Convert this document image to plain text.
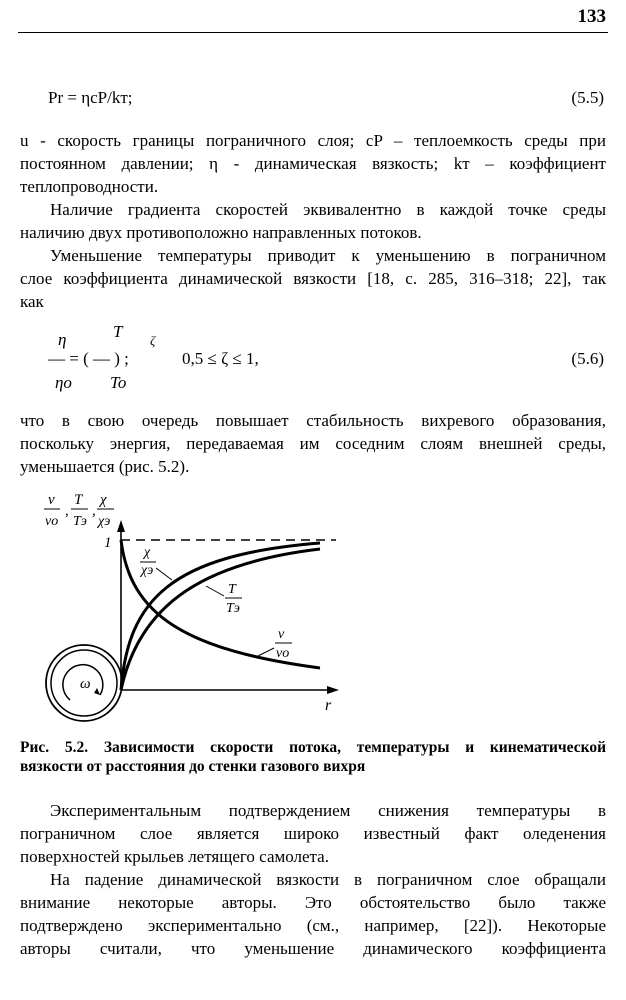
133
Pr = ηcP/kт;	(5.5)
u - скорость границы пограничного слоя; cP – теплоемкость среды при
постоянном давлении; η - динамическая вязкость; kт – коэффициент
теплопроводности.
Наличие градиента скоростей эквивалентно в каждой точке среды
наличию двух противоположно направленных потоков.
Уменьшение температуры приводит к уменьшению в пограничном
слое коэффициента динамической вязкости [18, с. 285, 316–318; 22], так
как
η	T ζ
— = ( — ) ;
ηo To
0,5 ≤ ζ ≤ 1,	(5.6)
что в свою очередь повышает стабильность вихревого образования,
поскольку энергия, передаваемая им соседним слоям внешней среды,
уменьшается (рис. 5.2).
v
vo
,
T
Tэ
,
χ
χэ
1
r
χ
χэ
T
Tэ
v
vo
ω
Рис. 5.2. Зависимости скорости потока, температуры и кинематической
вязкости от расстояния до стенки газового вихря
Экспериментальным подтверждением снижения температуры в
пограничном слое является широко известный факт оледенения
поверхностей крыльев летящего самолета.
На падение динамической вязкости в пограничном слое обращали
внимание некоторые авторы. Это обстоятельство было также
подтверждено экспериментально (см., например, [22]). Некоторые
авторы считали, что уменьшение динамического коэффициента
